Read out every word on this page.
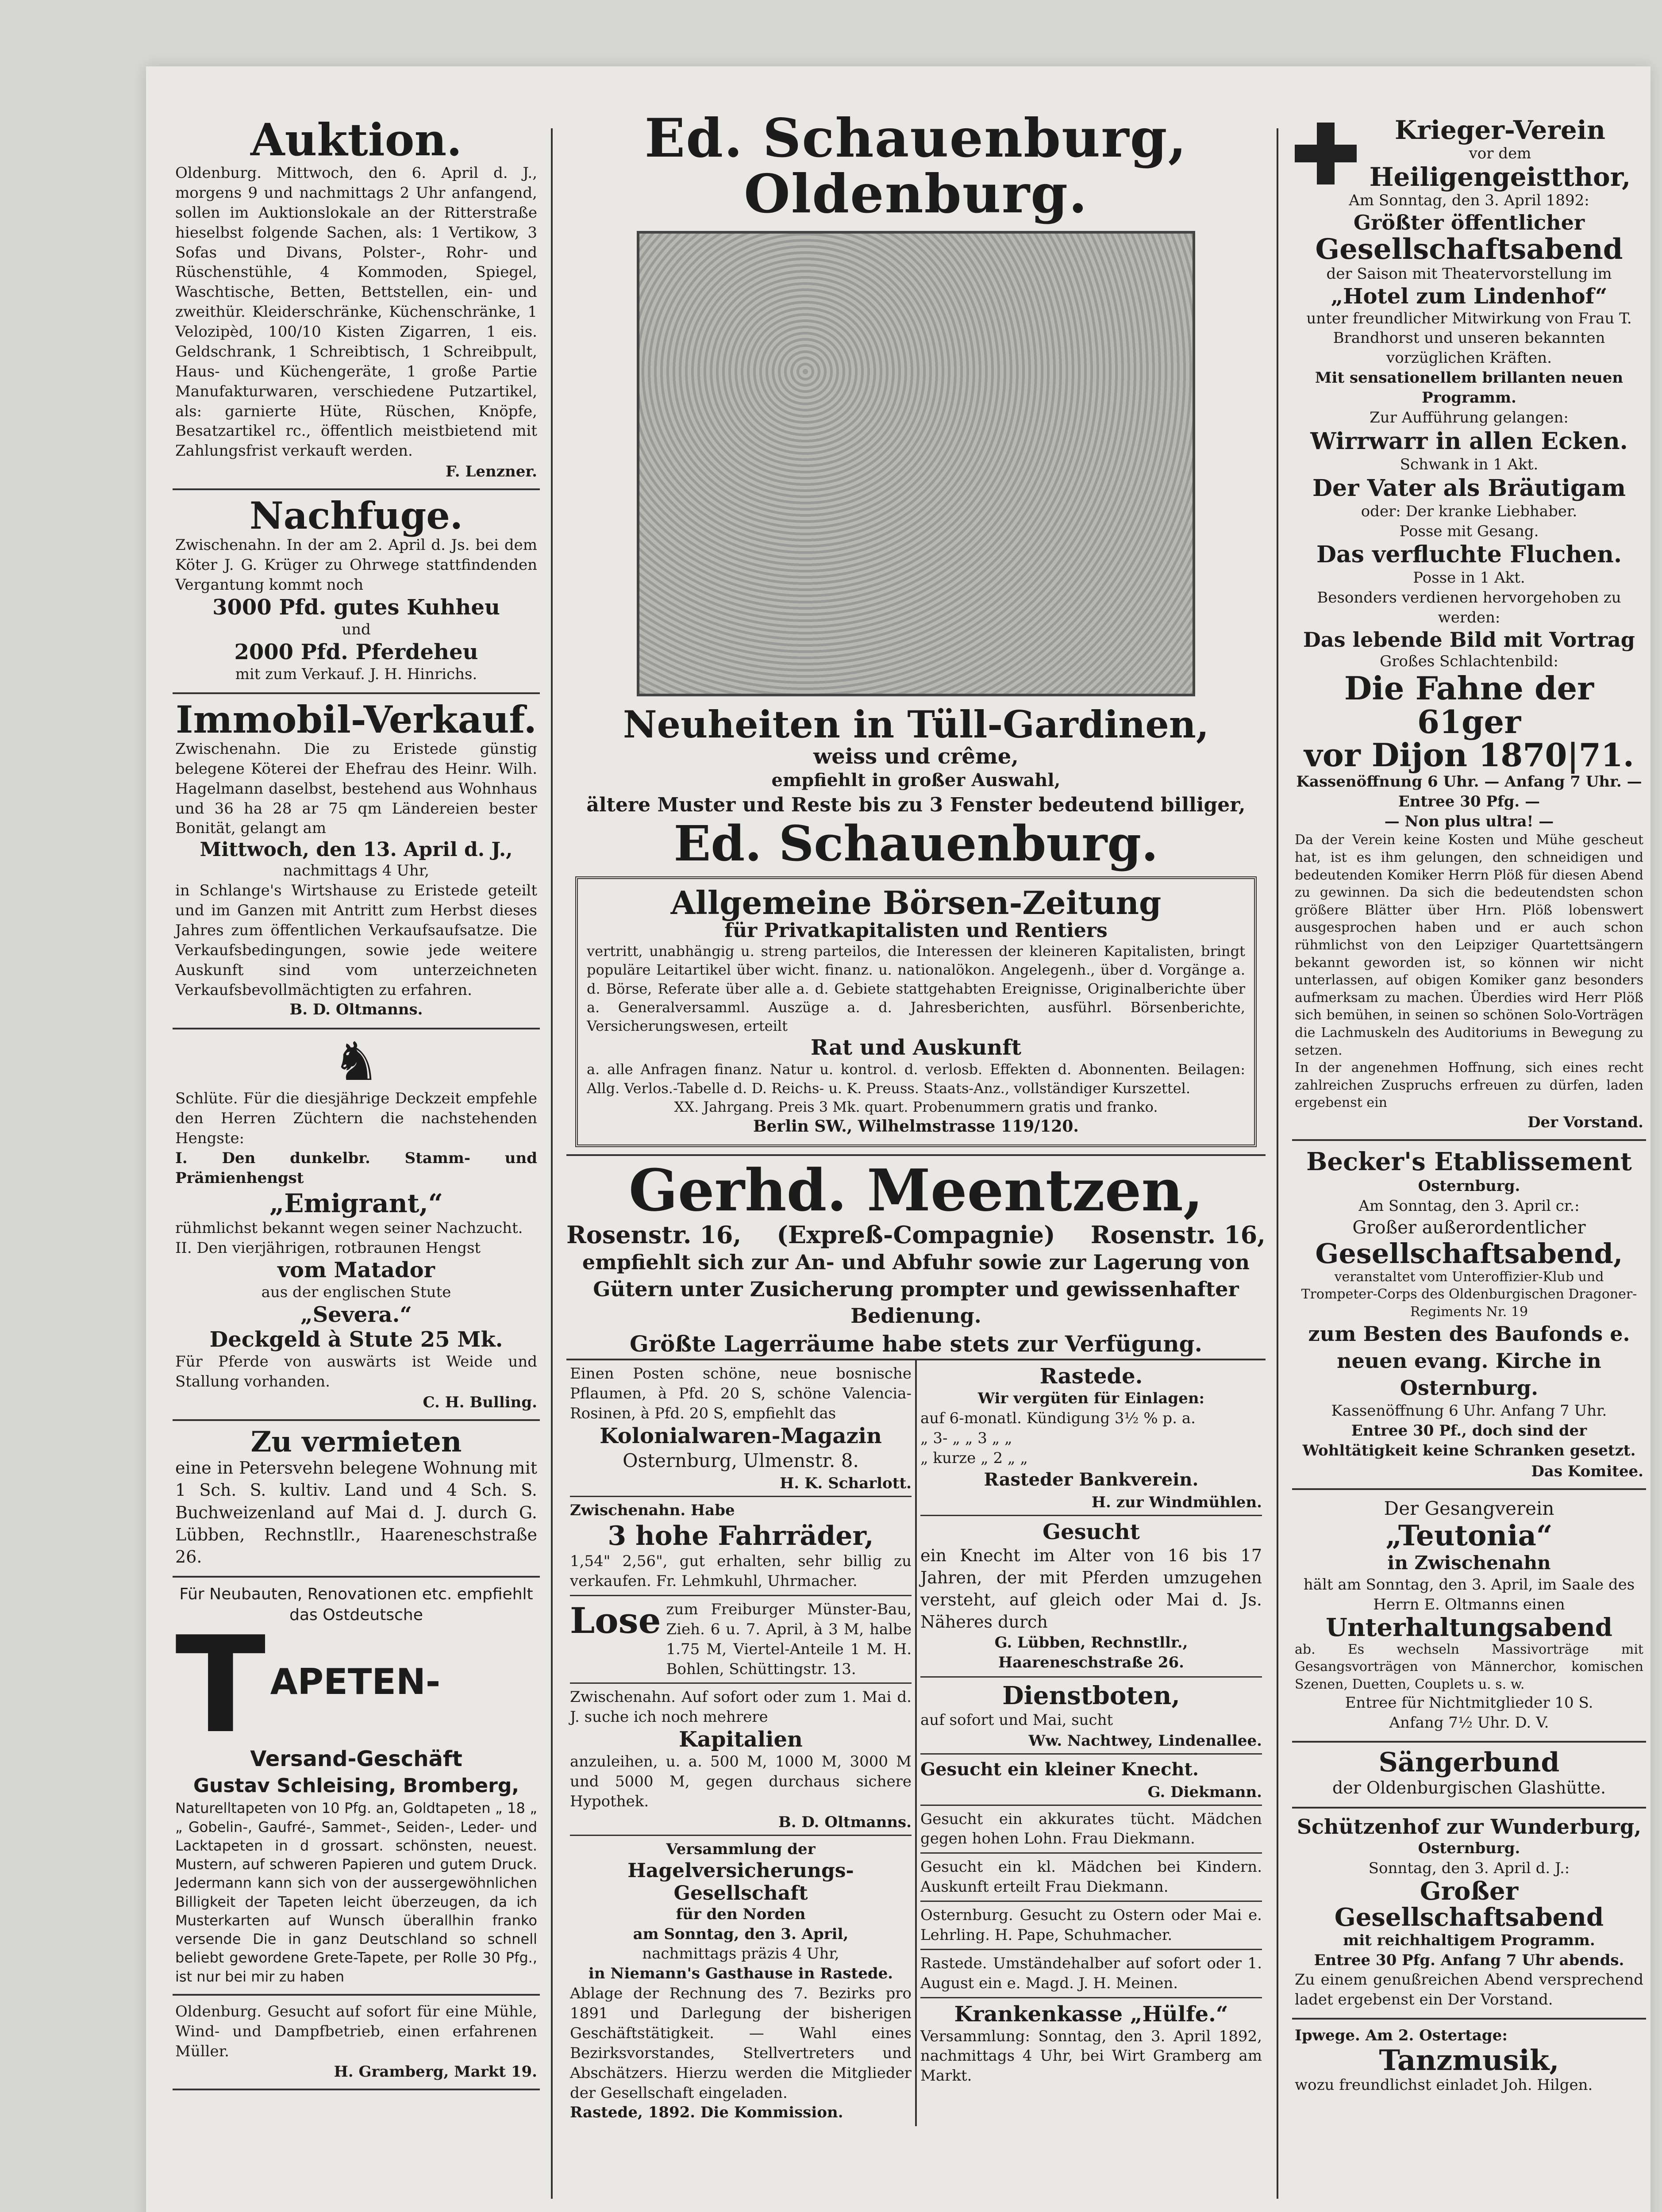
Auktion.

Oldenburg. Mittwoch, den 6. April d. J., morgens 9 und nachmittags 2 Uhr anfangend, sollen im Auktionslokale an der Ritterstraße hieselbst folgende Sachen, als: 1 Vertikow, 3 Sofas und Divans, Polster-, Rohr- und Rüschenstühle, 4 Kommoden, Spiegel, Waschtische, Betten, Bettstellen, ein- und zweithür. Kleiderschränke, Küchenschränke, 1 Velozipèd, 100/10 Kisten Zigarren, 1 eis. Geldschrank, 1 Schreibtisch, 1 Schreibpult, Haus- und Küchengeräte, 1 große Partie Manufakturwaren, verschiedene Putzartikel, als: garnierte Hüte, Rüschen, Knöpfe, Besatzartikel rc., öffentlich meistbietend mit Zahlungsfrist verkauft werden.

F. Lenzner.
Nachfuge.

Zwischenahn. In der am 2. April d. Js. bei dem Köter J. G. Krüger zu Ohrwege stattfindenden Vergantung kommt noch

3000 Pfd. gutes Kuhheu
und
2000 Pfd. Pferdeheu
mit zum Verkauf. J. H. Hinrichs.
Immobil-Verkauf.

Zwischenahn. Die zu Eristede günstig belegene Köterei der Ehefrau des Heinr. Wilh. Hagelmann daselbst, bestehend aus Wohnhaus und 36 ha 28 ar 75 qm Ländereien bester Bonität, gelangt am

Mittwoch, den 13. April d. J.,
nachmittags 4 Uhr,

in Schlange's Wirtshause zu Eristede geteilt und im Ganzen mit Antritt zum Herbst dieses Jahres zum öffentlichen Verkaufsaufsatze. Die Verkaufsbedingungen, sowie jede weitere Auskunft sind vom unterzeichneten Verkaufsbevollmächtigten zu erfahren.

B. D. Oltmanns.
♞

Schlüte. Für die diesjährige Deckzeit empfehle den Herren Züchtern die nachstehenden Hengste:

I. Den dunkelbr. Stamm- und Prämienhengst

„Emigrant,“

rühmlichst bekannt wegen seiner Nachzucht.

II. Den vierjährigen, rotbraunen Hengst

vom Matador
aus der englischen Stute
„Severa.“
Deckgeld à Stute 25 Mk.

Für Pferde von auswärts ist Weide und Stallung vorhanden.

C. H. Bulling.
Zu vermieten

eine in Petersvehn belegene Wohnung mit 1 Sch. S. kultiv. Land und 4 Sch. S. Buchweizenland auf Mai d. J. durch G. Lübben, Rechnstllr., Haareneschstraße 26.

Für Neubauten, Renovationen etc. empfiehlt das Ostdeutsche

T APETEN-
Versand-Geschäft
Gustav Schleising, Bromberg,

Naturelltapeten von 10 Pfg. an, Goldtapeten „ 18 „ „ Gobelin-, Gaufré-, Sammet-, Seiden-, Leder- und Lacktapeten in d grossart. schönsten, neuest. Mustern, auf schweren Papieren und gutem Druck. Jedermann kann sich von der aussergewöhnlichen Billigkeit der Tapeten leicht überzeugen, da ich Musterkarten auf Wunsch überallhin franko versende Die in ganz Deutschland so schnell beliebt gewordene Grete-Tapete, per Rolle 30 Pfg., ist nur bei mir zu haben

Oldenburg. Gesucht auf sofort für eine Mühle, Wind- und Dampfbetrieb, einen erfahrenen Müller.

H. Gramberg, Markt 19.
Ed. Schauenburg, Oldenburg.
Neuheiten in Tüll-Gardinen,
weiss und crême,
empfiehlt in großer Auswahl,
ältere Muster und Reste bis zu 3 Fenster bedeutend billiger,
Ed. Schauenburg.
Allgemeine Börsen-Zeitung
für Privatkapitalisten und Rentiers

vertritt, unabhängig u. streng parteilos, die Interessen der kleineren Kapitalisten, bringt populäre Leitartikel über wicht. finanz. u. nationalökon. Angelegenh., über d. Vorgänge a. d. Börse, Referate über alle a. d. Gebiete stattgehabten Ereignisse, Originalberichte über a. Generalversamml. Auszüge a. d. Jahresberichten, ausführl. Börsenberichte, Versicherungswesen, erteilt

Rat und Auskunft

a. alle Anfragen finanz. Natur u. kontrol. d. verlosb. Effekten d. Abonnenten. Beilagen: Allg. Verlos.-Tabelle d. D. Reichs- u. K. Preuss. Staats-Anz., vollständiger Kurszettel.

XX. Jahrgang. Preis 3 Mk. quart. Probenummern gratis und franko.
Berlin SW., Wilhelmstrasse 119/120.
Gerhd. Meentzen,
Rosenstr. 16, (Expreß-Compagnie) Rosenstr. 16,

empfiehlt sich zur An- und Abfuhr sowie zur Lagerung von Gütern unter Zusicherung prompter und gewissenhafter Bedienung.

Größte Lagerräume habe stets zur Verfügung.

Einen Posten schöne, neue bosnische Pflaumen, à Pfd. 20 S, schöne Valencia-Rosinen, à Pfd. 20 S, empfiehlt das

Kolonialwaren-Magazin
Osternburg, Ulmenstr. 8.
H. K. Scharlott.

Zwischenahn. Habe

3 hohe Fahrräder,

1,54" 2,56", gut erhalten, sehr billig zu verkaufen. Fr. Lehmkuhl, Uhrmacher.

Lose zum Freiburger Münster-Bau, Zieh. 6 u. 7. April, à 3 M, halbe 1.75 M, Viertel-Anteile 1 M. H. Bohlen, Schüttingstr. 13.

Zwischenahn. Auf sofort oder zum 1. Mai d. J. suche ich noch mehrere

Kapitalien

anzuleihen, u. a. 500 M, 1000 M, 3000 M und 5000 M, gegen durchaus sichere Hypothek.

B. D. Oltmanns.
Versammlung der
Hagelversicherungs-Gesellschaft
für den Norden
am Sonntag, den 3. April,
nachmittags präzis 4 Uhr,
in Niemann's Gasthause in Rastede.

Ablage der Rechnung des 7. Bezirks pro 1891 und Darlegung der bisherigen Geschäftstätigkeit. — Wahl eines Bezirksvorstandes, Stellvertreters und Abschätzers. Hierzu werden die Mitglieder der Gesellschaft eingeladen.

Rastede, 1892. Die Kommission.
Rastede.
Wir vergüten für Einlagen:
auf 6-monatl. Kündigung 3½ % p. a.
„ 3- „ „ 3 „ „
„ kurze „ 2 „ „
Rasteder Bankverein.
H. zur Windmühlen.
Gesucht

ein Knecht im Alter von 16 bis 17 Jahren, der mit Pferden umzugehen versteht, auf gleich oder Mai d. Js. Näheres durch

G. Lübben, Rechnstllr., Haareneschstraße 26.
Dienstboten,
auf sofort und Mai, sucht
Ww. Nachtwey, Lindenallee.
Gesucht ein kleiner Knecht.
G. Diekmann.

Gesucht ein akkurates tücht. Mädchen gegen hohen Lohn. Frau Diekmann.

Gesucht ein kl. Mädchen bei Kindern. Auskunft erteilt Frau Diekmann.

Osternburg. Gesucht zu Ostern oder Mai e. Lehrling. H. Pape, Schuhmacher.

Rastede. Umständehalber auf sofort oder 1. August ein e. Magd. J. H. Meinen.

Krankenkasse „Hülfe.“

Versammlung: Sonntag, den 3. April 1892, nachmittags 4 Uhr, bei Wirt Gramberg am Markt.

Krieger-Verein
vor dem
Heiligengeistthor,
Am Sonntag, den 3. April 1892:
Größter öffentlicher
Gesellschaftsabend
der Saison mit Theatervorstellung im
„Hotel zum Lindenhof“

unter freundlicher Mitwirkung von Frau T. Brandhorst und unseren bekannten vorzüglichen Kräften.

Mit sensationellem brillanten neuen Programm.

Zur Aufführung gelangen:
Wirrwarr in allen Ecken.
Schwank in 1 Akt.
Der Vater als Bräutigam
oder: Der kranke Liebhaber.
Posse mit Gesang.
Das verfluchte Fluchen.
Posse in 1 Akt.
Besonders verdienen hervorgehoben zu werden:
Das lebende Bild mit Vortrag
Großes Schlachtenbild:
Die Fahne der 61ger
vor Dijon 1870|71.
Kassenöffnung 6 Uhr. — Anfang 7 Uhr. — Entree 30 Pfg. —
— Non plus ultra! —

Da der Verein keine Kosten und Mühe gescheut hat, ist es ihm gelungen, den schneidigen und bedeutenden Komiker Herrn Plöß für diesen Abend zu gewinnen. Da sich die bedeutendsten schon größere Blätter über Hrn. Plöß lobenswert ausgesprochen haben und er auch schon rühmlichst von den Leipziger Quartettsängern bekannt geworden ist, so können wir nicht unterlassen, auf obigen Komiker ganz besonders aufmerksam zu machen. Überdies wird Herr Plöß sich bemühen, in seinen so schönen Solo-Vorträgen die Lachmuskeln des Auditoriums in Bewegung zu setzen.

In der angenehmen Hoffnung, sich eines recht zahlreichen Zuspruchs erfreuen zu dürfen, laden ergebenst ein

Der Vorstand.
Becker's Etablissement
Osternburg.
Am Sonntag, den 3. April cr.:
Großer außerordentlicher
Gesellschaftsabend,

veranstaltet vom Unteroffizier-Klub und Trompeter-Corps des Oldenburgischen Dragoner-Regiments Nr. 19

zum Besten des Baufonds e. neuen evang. Kirche in Osternburg.

Kassenöffnung 6 Uhr. Anfang 7 Uhr.

Entree 30 Pf., doch sind der Wohltätigkeit keine Schranken gesetzt.

Das Komitee.
Der Gesangverein
„Teutonia“
in Zwischenahn

hält am Sonntag, den 3. April, im Saale des Herrn E. Oltmanns einen

Unterhaltungsabend

ab. Es wechseln Massivorträge mit Gesangsvorträgen von Männerchor, komischen Szenen, Duetten, Couplets u. s. w.

Entree für Nichtmitglieder 10 S.
Anfang 7½ Uhr. D. V.
Sängerbund
der Oldenburgischen Glashütte.
Schützenhof zur Wunderburg,
Osternburg.
Sonntag, den 3. April d. J.:
Großer Gesellschaftsabend
mit reichhaltigem Programm.
Entree 30 Pfg. Anfang 7 Uhr abends.

Zu einem genußreichen Abend versprechend ladet ergebenst ein Der Vorstand.

Ipwege. Am 2. Ostertage:
Tanzmusik,
wozu freundlichst einladet Joh. Hilgen.
